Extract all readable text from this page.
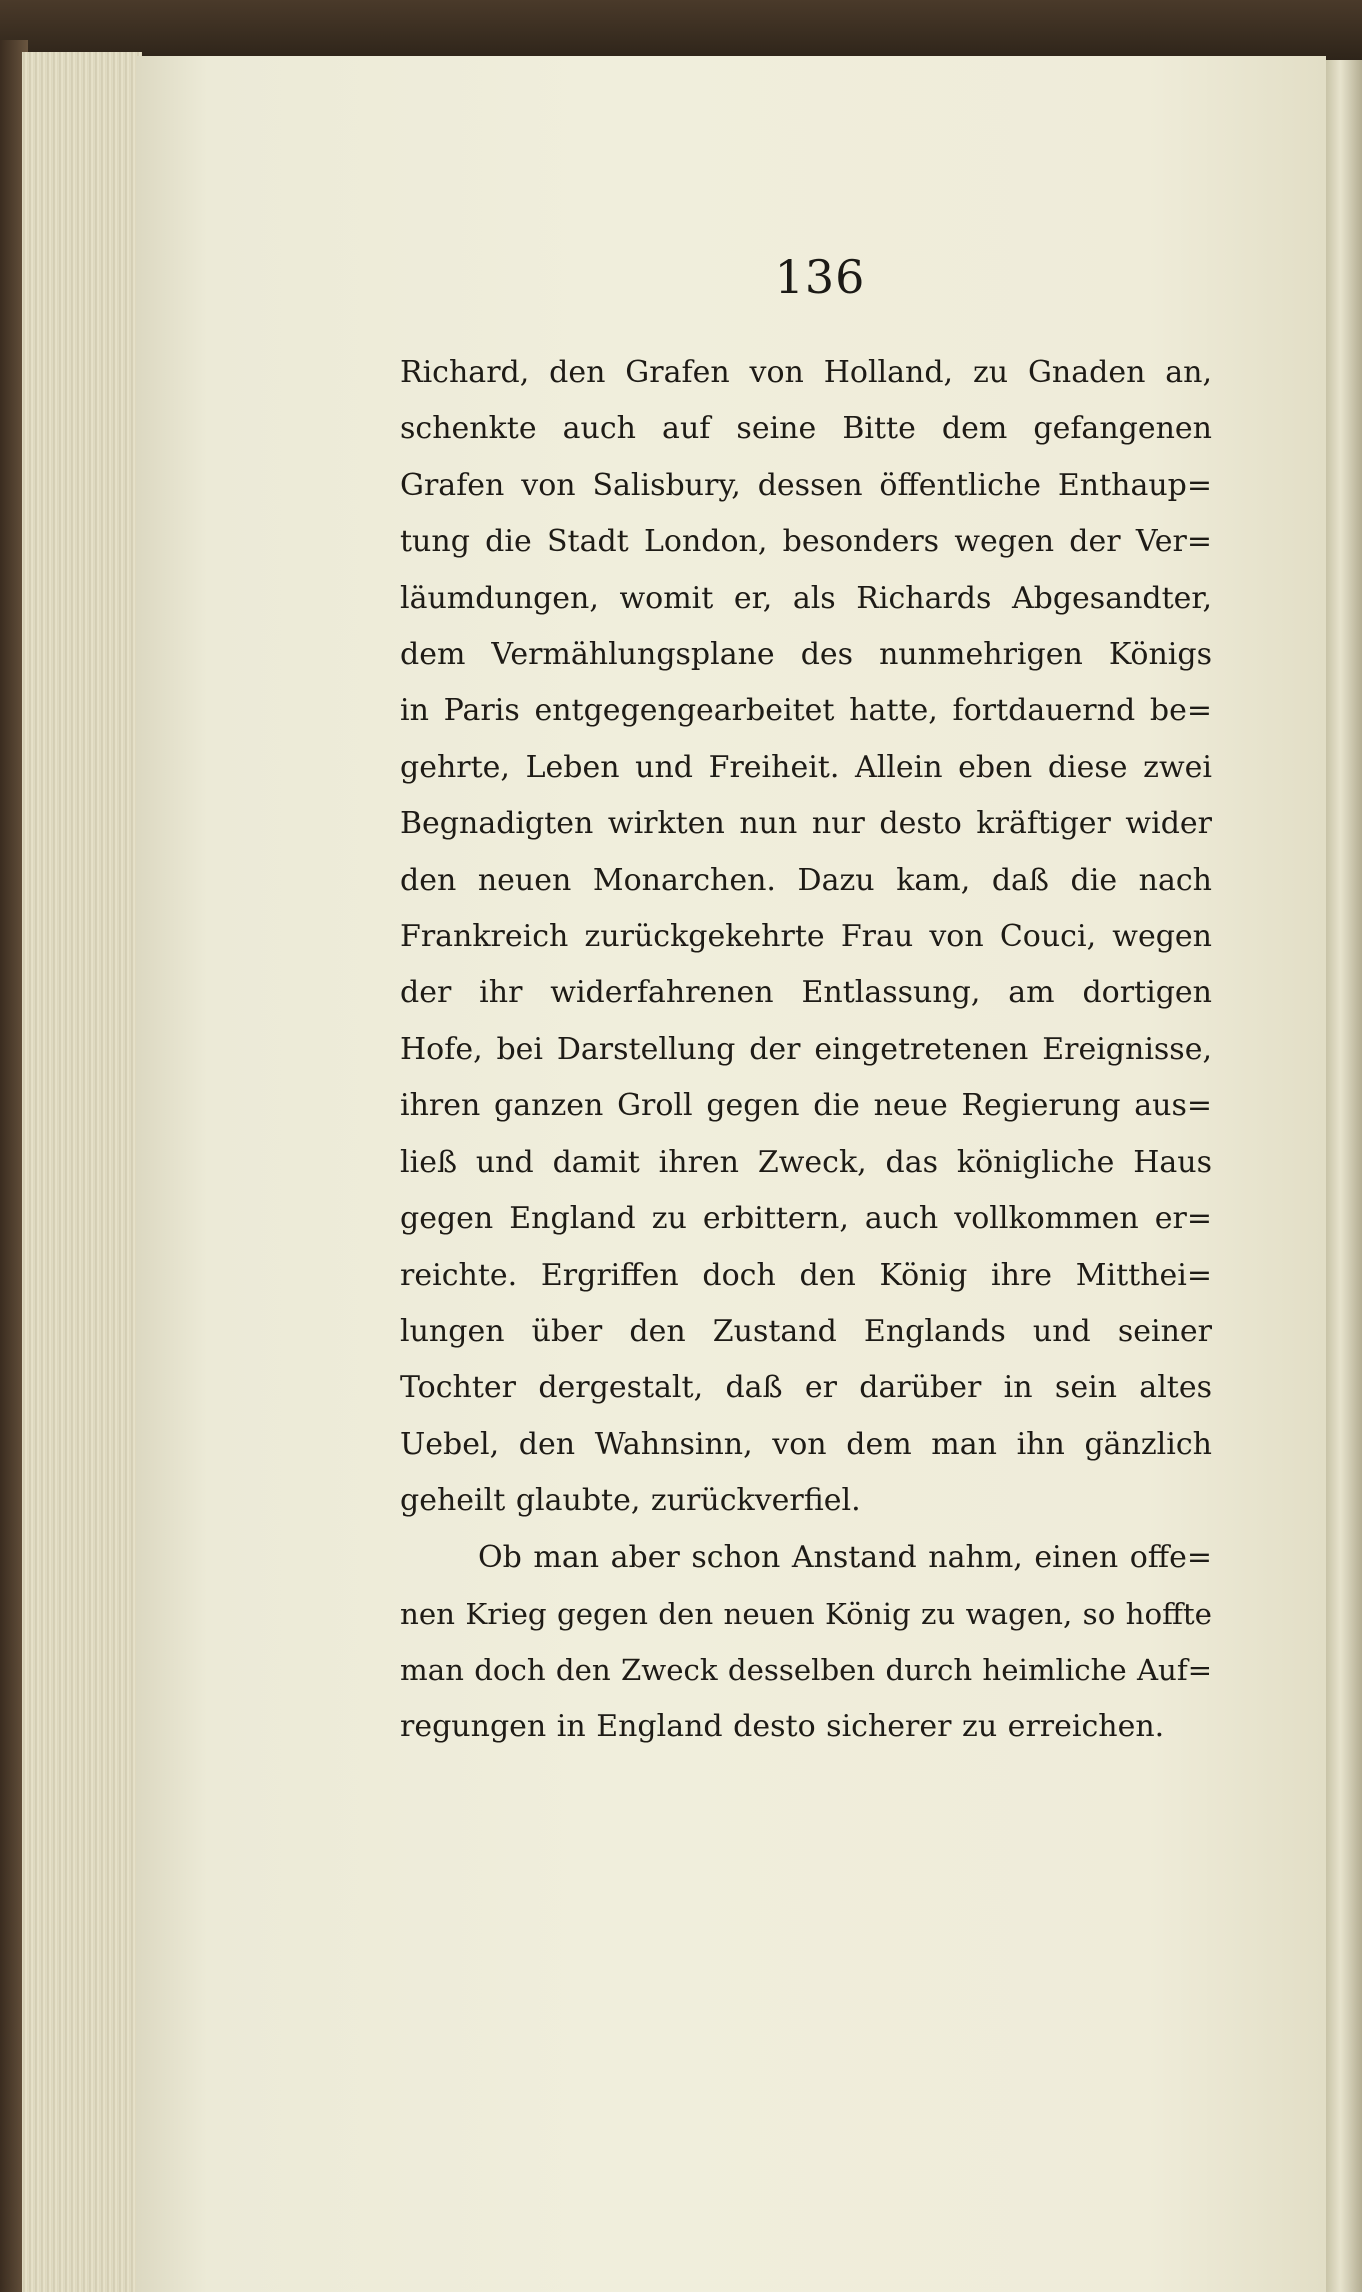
136
Richard, den Grafen von Holland, zu Gnaden an,
schenkte auch auf seine Bitte dem gefangenen
Grafen von Salisbury, dessen öffentliche Enthaup=
tung die Stadt London, besonders wegen der Ver=
läumdungen, womit er, als Richards Abgesandter,
dem Vermählungsplane des nunmehrigen Königs
in Paris entgegengearbeitet hatte, fortdauernd be=
gehrte, Leben und Freiheit. Allein eben diese zwei
Begnadigten wirkten nun nur desto kräftiger wider
den neuen Monarchen. Dazu kam, daß die nach
Frankreich zurückgekehrte Frau von Couci, wegen
der ihr widerfahrenen Entlassung, am dortigen
Hofe, bei Darstellung der eingetretenen Ereignisse,
ihren ganzen Groll gegen die neue Regierung aus=
ließ und damit ihren Zweck, das königliche Haus
gegen England zu erbittern, auch vollkommen er=
reichte. Ergriffen doch den König ihre Mitthei=
lungen über den Zustand Englands und seiner
Tochter dergestalt, daß er darüber in sein altes
Uebel, den Wahnsinn, von dem man ihn gänzlich
geheilt glaubte, zurückverfiel.
Ob man aber schon Anstand nahm, einen offe=
nen Krieg gegen den neuen König zu wagen, so hoffte
man doch den Zweck desselben durch heimliche Auf=
regungen in England desto sicherer zu erreichen.
